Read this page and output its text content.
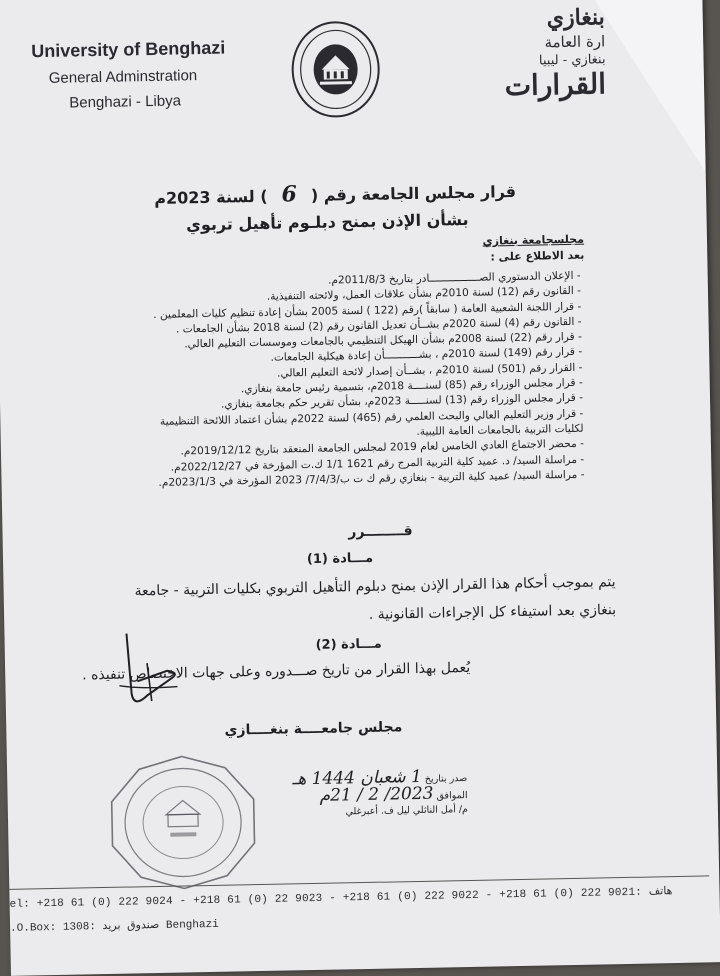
University of Benghazi
General Adminstration
Benghazi - Libya
بنغازي
ارة العامة
بنغازي - ليبيا
القرارات
قرار مجلس الجامعة رقم (6) لسنة 2023م
بشأن الإذن بمنح دبلـوم تأهيل تربوي
مجلسجامعة بنغازي
بعد الاطلاع على :
- الإعلان الدستوري الصــــــــــــــــادر بتاريخ 2011/8/3م.
- القانون رقم (12) لسنة 2010م بشأن علاقات العمل، ولائحته التنفيذية.
- قرار اللجنة الشعبية العامة ( سابقاً )رقم (122 ) لسنة 2005 بشأن إعادة تنظيم كليات المعلمين .
- القانون رقم (4) لسنة 2020م بشــأن تعديل القانون رقم (2) لسنة 2018 بشأن الجامعات .
- قرار رقم (22) لسنة 2008م بشأن الهيكل التنظيمي بالجامعات وموسسات التعليم العالي.
- قرار رقم (149) لسنة 2010م ، بشـــــــــــأن إعادة هيكلية الجامعات.
- القرار رقم (501) لسنة 2010م ، بشــأن إصدار لائحة التعليم العالي.
- قرار مجلس الوزراء رقم (85) لسنــــة 2018م، بتسمية رئيس جامعة بنغازي.
- قرار مجلس الوزراء رقم (13) لسنـــــة 2023م، بشأن تقرير حكم بجامعة بنغازي.
- قرار وزير التعليم العالي والبحث العلمي رقم (465) لسنة 2022م بشأن اعتماد اللائحة التنظيمية
لكليات التربية بالجامعات العامة الليبية.
- محضر الاجتماع العادي الخامس لعام 2019 لمجلس الجامعة المنعقد بتاريخ 2019/12/12م.
- مراسلة السيد/ د. عميد كلية التربية المرج رقم 1621 1/1 ك.ت المؤرخة في 2022/12/27م.
- مراسلة السيد/ عميد كلية التربية - بنغازي رقم ك ت ب/7/4/3/ 2023 المؤرخة في 2023/1/3م.
قــــــــرر
مـــادة (1)
يتم بموجب أحكام هذا القرار الإذن بمنح دبلوم التأهيل التربوي بكليات التربية - جامعة
بنغازي بعد استيفاء كل الإجراءات القانونية .
مـــادة (2)
يُعمل بهذا القرار من تاريخ صـــدوره وعلى جهات الاختصاص تنفيذه .
مجلس جامعــــة بنغــــازي
صدر بتاريخ 1 شعبان 1444 هـ
الموافق 2023/ 2 / 21م
م/ أمل الناثلي ليل ف. أعبرغلي
el: +218 61 (0) 222 9024 - +218 61 (0) 22 9023 - +218 61 (0) 222 9022 - +218 61 (0) 222 9021: هاتف
.O.Box: 1308: صندوق بريد Benghazi
